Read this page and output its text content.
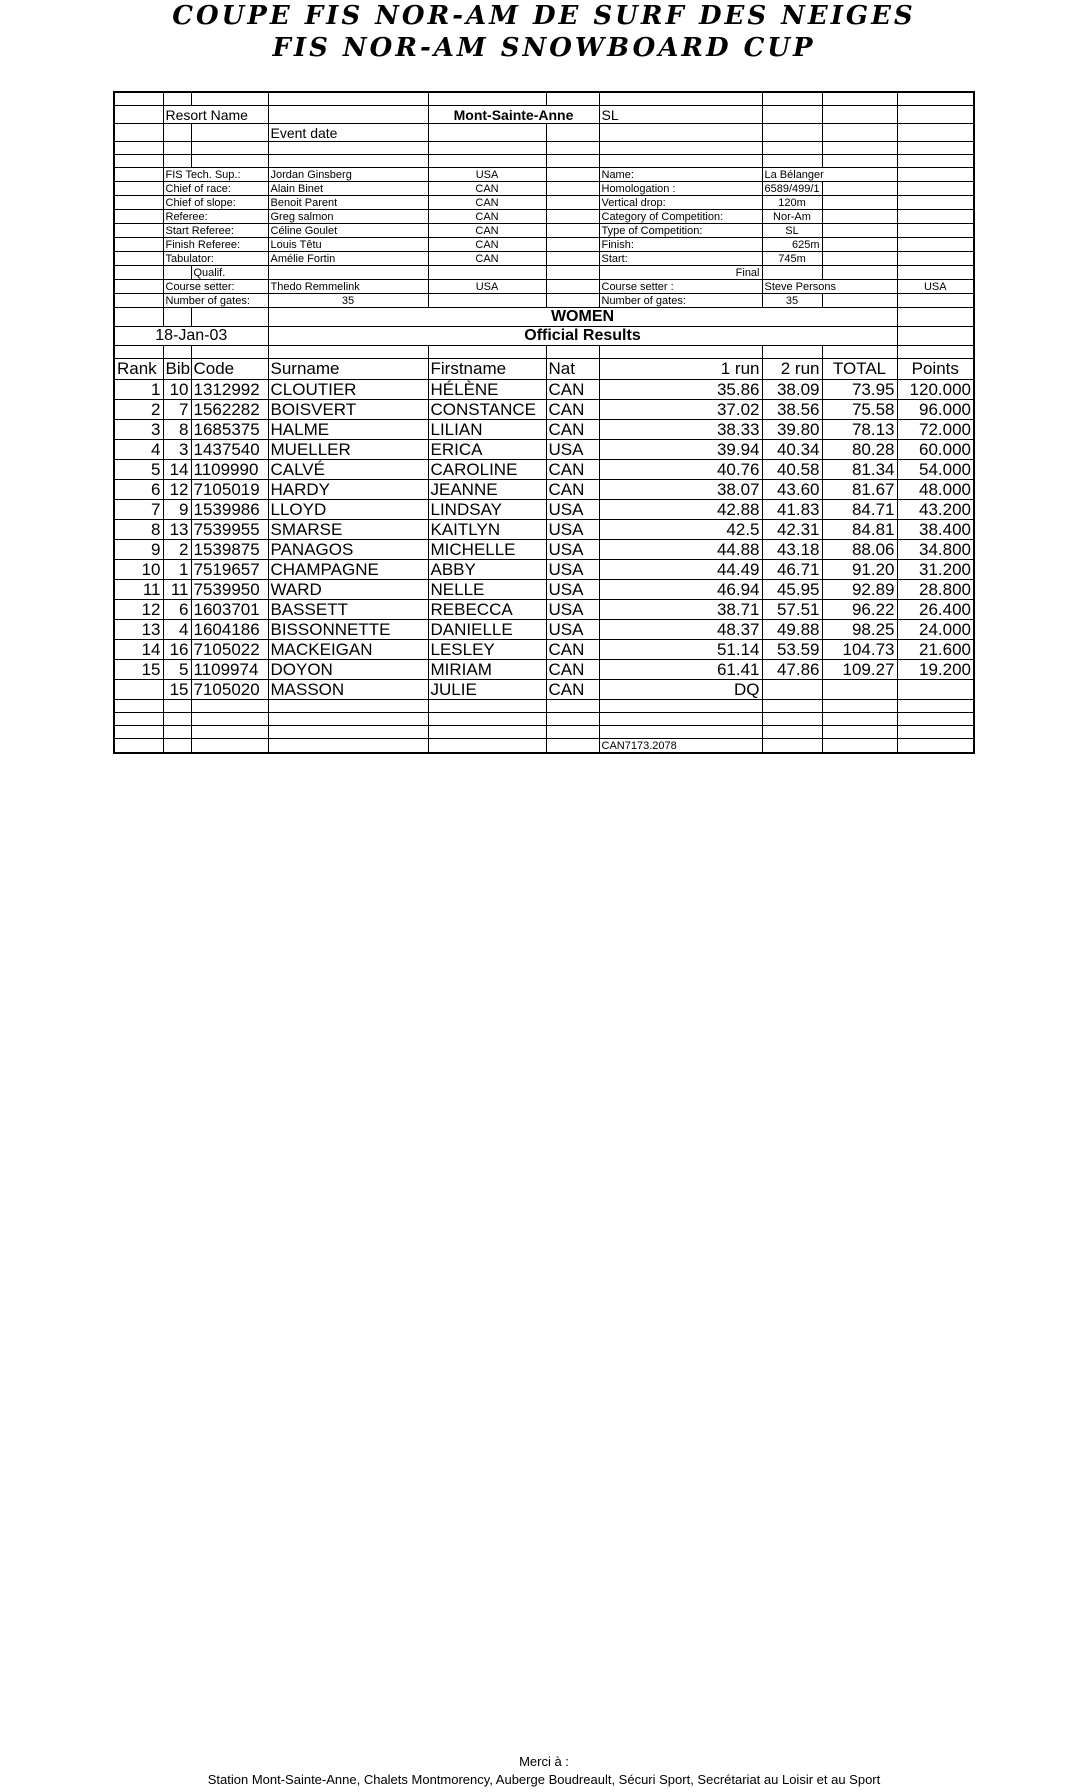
COUPE FIS NOR-AM DE SURF DES NEIGES
FIS NOR-AM SNOWBOARD CUP

	Resort Name			Mont-Sainte-Anne		SL			
			Event date						

	FIS Tech. Sup.:		Jordan Ginsberg	USA		Name:	La Bélanger		
	Chief of race:		Alain Binet	CAN		Homologation :	6589/499/1		
	Chief of slope:		Benoit Parent	CAN		Vertical drop:	120m		
	Referee:		Greg salmon	CAN		Category of Competition:	Nor-Am		
	Start Referee:		Céline Goulet	CAN		Type of Competition:	SL		
	Finish Referee:		Louis Têtu	CAN		Finish:	625m		
	Tabulator:		Amélie Fortin	CAN		Start:	745m		
		Qualif.				Final			
	Course setter:		Thedo Remmelink	USA		Course setter :	Steve Persons		USA
	Number of gates:		35			Number of gates:	35		
			WOMEN						
18-Jan-03			Official Results						

Rank	Bib	Code	Surname	Firstname	Nat	1 run	2 run	TOTAL	Points
1	10	1312992	CLOUTIER	HÉLÈNE	CAN	35.86	38.09	73.95	120.000
2	7	1562282	BOISVERT	CONSTANCE	CAN	37.02	38.56	75.58	96.000
3	8	1685375	HALME	LILIAN	CAN	38.33	39.80	78.13	72.000
4	3	1437540	MUELLER	ERICA	USA	39.94	40.34	80.28	60.000
5	14	1109990	CALVÉ	CAROLINE	CAN	40.76	40.58	81.34	54.000
6	12	7105019	HARDY	JEANNE	CAN	38.07	43.60	81.67	48.000
7	9	1539986	LLOYD	LINDSAY	USA	42.88	41.83	84.71	43.200
8	13	7539955	SMARSE	KAITLYN	USA	42.5	42.31	84.81	38.400
9	2	1539875	PANAGOS	MICHELLE	USA	44.88	43.18	88.06	34.800
10	1	7519657	CHAMPAGNE	ABBY	USA	44.49	46.71	91.20	31.200
11	11	7539950	WARD	NELLE	USA	46.94	45.95	92.89	28.800
12	6	1603701	BASSETT	REBECCA	USA	38.71	57.51	96.22	26.400
13	4	1604186	BISSONNETTE	DANIELLE	USA	48.37	49.88	98.25	24.000
14	16	7105022	MACKEIGAN	LESLEY	CAN	51.14	53.59	104.73	21.600
15	5	1109974	DOYON	MIRIAM	CAN	61.41	47.86	109.27	19.200
	15	7105020	MASSON	JULIE	CAN	DQ			

						CAN7173.2078			
Merci à :
Station Mont-Sainte-Anne, Chalets Montmorency, Auberge Boudreault, Sécuri Sport, Secrétariat au Loisir et au Sport
